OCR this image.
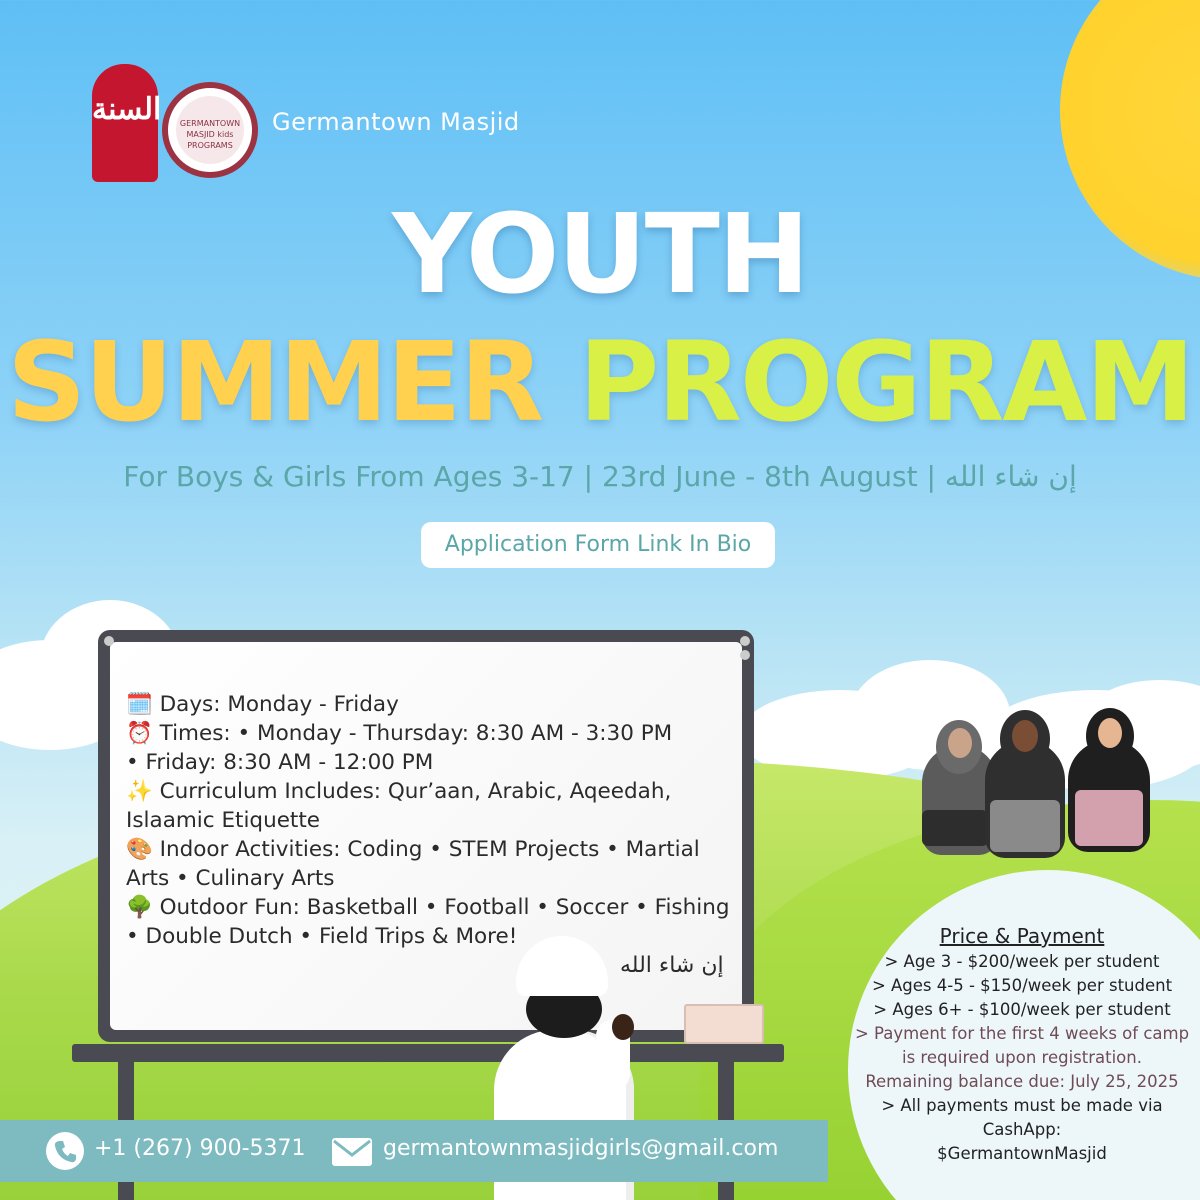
السنة	GERMANTOWN MASJID kids PROGRAMS
Germantown Masjid
YOUTH
SUMMER PROGRAM
For Boys & Girls From Ages 3-17 | 23rd June - 8th August | إن شاء الله
Application Form Link In Bio
🗓️ Days: Monday - Friday
⏰ Times: • Monday - Thursday: 8:30 AM - 3:30 PM
• Friday: 8:30 AM - 12:00 PM
✨ Curriculum Includes: Qur’aan, Arabic, Aqeedah,
Islaamic Etiquette
🎨 Indoor Activities: Coding • STEM Projects • Martial
Arts • Culinary Arts
🌳 Outdoor Fun: Basketball • Football • Soccer • Fishing
• Double Dutch • Field Trips & More!
إن شاء الله
+1 (267) 900-5371	germantownmasjidgirls@gmail.com
Price & Payment
> Age 3 - $200/week per student
> Ages 4-5 - $150/week per student
> Ages 6+ - $100/week per student
> Payment for the first 4 weeks of camp is required upon registration.
Remaining balance due: July 25, 2025
> All payments must be made via CashApp:
$GermantownMasjid
